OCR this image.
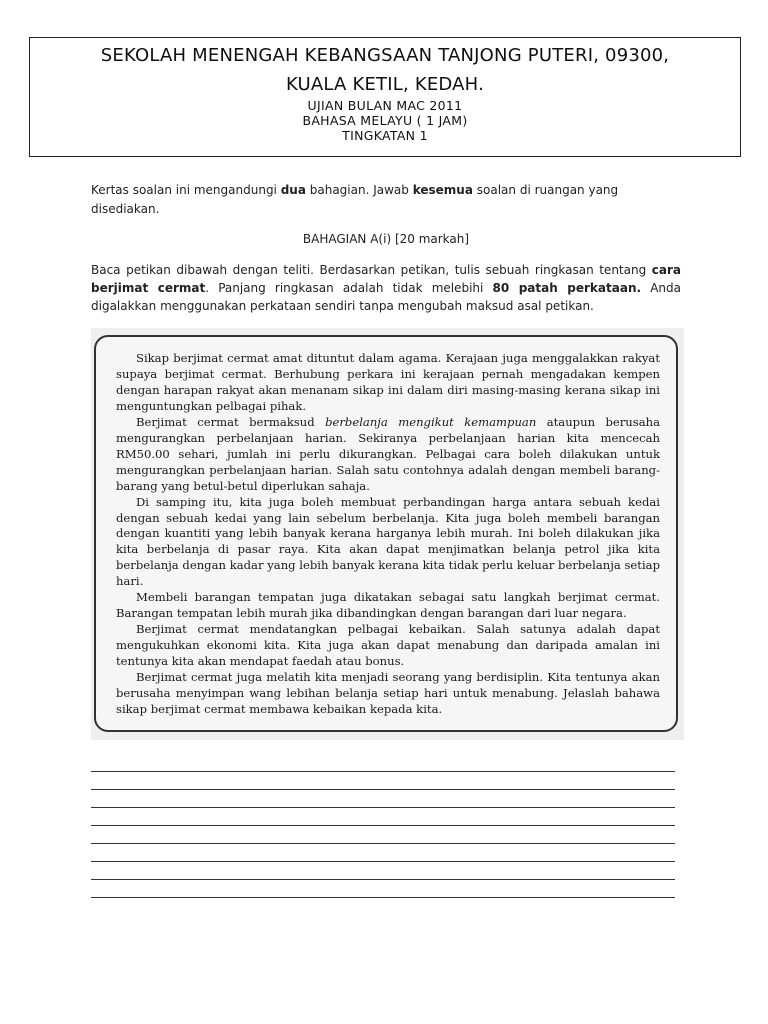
SEKOLAH MENENGAH KEBANGSAAN TANJONG PUTERI, 09300,
KUALA KETIL, KEDAH.
UJIAN BULAN MAC 2011
BAHASA MELAYU ( 1 JAM)
TINGKATAN 1
Kertas soalan ini mengandungi dua bahagian. Jawab kesemua soalan di ruangan yang disediakan.
BAHAGIAN A(i) [20 markah]
Baca petikan dibawah dengan teliti. Berdasarkan petikan, tulis sebuah ringkasan tentang cara berjimat cermat. Panjang ringkasan adalah tidak melebihi 80 patah perkataan. Anda digalakkan menggunakan perkataan sendiri tanpa mengubah maksud asal petikan.

Sikap berjimat cermat amat dituntut dalam agama. Kerajaan juga menggalakkan rakyat supaya berjimat cermat. Berhubung perkara ini kerajaan pernah mengadakan kempen dengan harapan rakyat akan menanam sikap ini dalam diri masing-masing kerana sikap ini menguntungkan pelbagai pihak.

Berjimat cermat bermaksud berbelanja mengikut kemampuan ataupun berusaha mengurangkan perbelanjaan harian. Sekiranya perbelanjaan harian kita mencecah RM50.00 sehari, jumlah ini perlu dikurangkan. Pelbagai cara boleh dilakukan untuk mengurangkan perbelanjaan harian. Salah satu contohnya adalah dengan membeli barang-barang yang betul-betul diperlukan sahaja.

Di samping itu, kita juga boleh membuat perbandingan harga antara sebuah kedai dengan sebuah kedai yang lain sebelum berbelanja. Kita juga boleh membeli barangan dengan kuantiti yang lebih banyak kerana harganya lebih murah. Ini boleh dilakukan jika kita berbelanja di pasar raya. Kita akan dapat menjimatkan belanja petrol jika kita berbelanja dengan kadar yang lebih banyak kerana kita tidak perlu keluar berbelanja setiap hari.

Membeli barangan tempatan juga dikatakan sebagai satu langkah berjimat cermat. Barangan tempatan lebih murah jika dibandingkan dengan barangan dari luar negara.

Berjimat cermat mendatangkan pelbagai kebaikan. Salah satunya adalah dapat mengukuhkan ekonomi kita. Kita juga akan dapat menabung dan daripada amalan ini tentunya kita akan mendapat faedah atau bonus.

Berjimat cermat juga melatih kita menjadi seorang yang berdisiplin. Kita tentunya akan berusaha menyimpan wang lebihan belanja setiap hari untuk menabung. Jelaslah bahawa sikap berjimat cermat membawa kebaikan kepada kita.
